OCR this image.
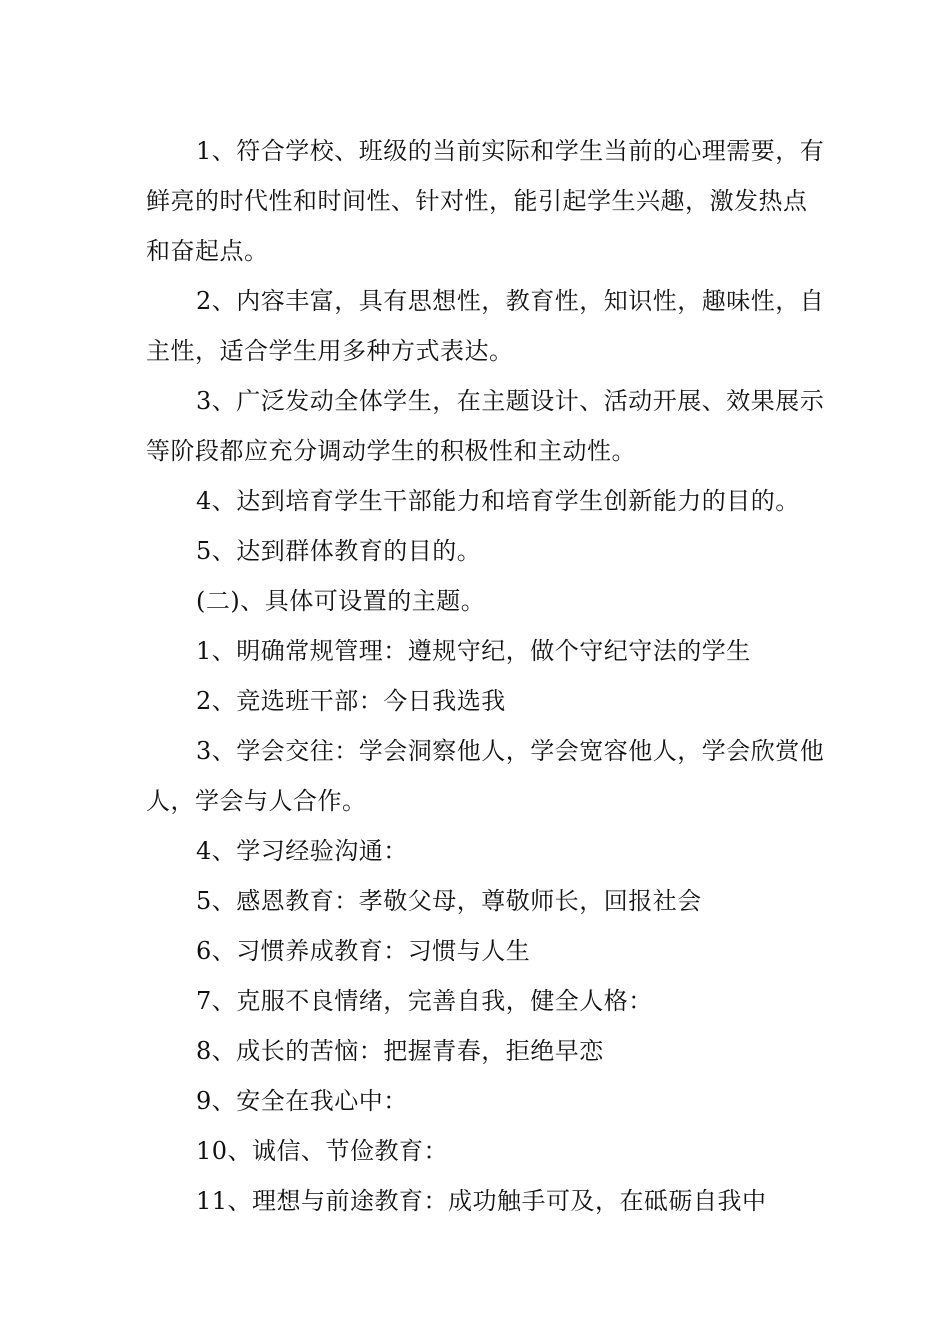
1、符合学校、班级的当前实际和学生当前的心理需要，有鲜亮的时代性和时间性、针对性，能引起学生兴趣，激发热点和奋起点。

2、内容丰富，具有思想性，教育性，知识性，趣味性，自主性，适合学生用多种方式表达。

3、广泛发动全体学生，在主题设计、活动开展、效果展示等阶段都应充分调动学生的积极性和主动性。

4、达到培育学生干部能力和培育学生创新能力的目的。

5、达到群体教育的目的。

(二)、具体可设置的主题。

1、明确常规管理：遵规守纪，做个守纪守法的学生

2、竞选班干部：今日我选我

3、学会交往：学会洞察他人，学会宽容他人，学会欣赏他人，学会与人合作。

4、学习经验沟通：

5、感恩教育：孝敬父母，尊敬师长，回报社会

6、习惯养成教育：习惯与人生

7、克服不良情绪，完善自我，健全人格：

8、成长的苦恼：把握青春，拒绝早恋

9、安全在我心中：

10、诚信、节俭教育：

11、理想与前途教育：成功触手可及，在砥砺自我中
